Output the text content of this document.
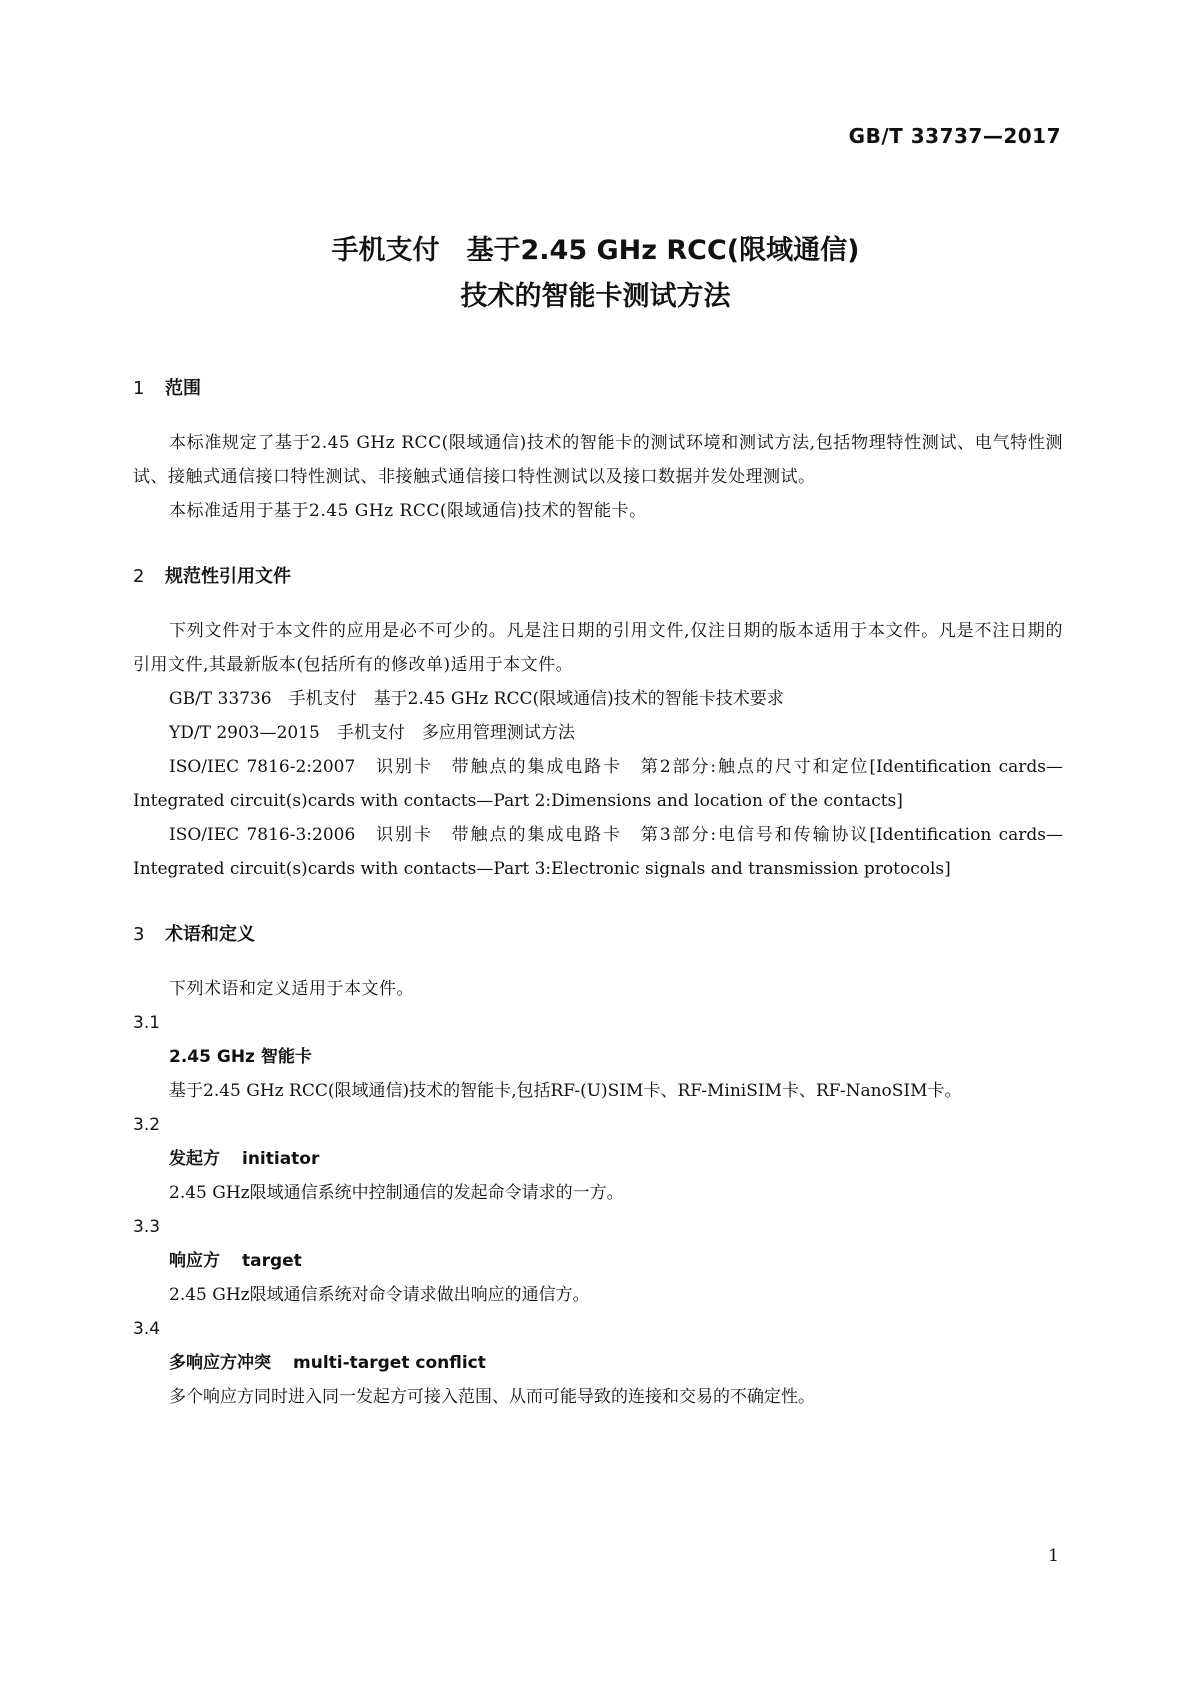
GB/T 33737—2017
手机支付　基于2.45 GHz RCC(限域通信)
技术的智能卡测试方法
1 范围

本标准规定了基于2.45 GHz RCC(限域通信)技术的智能卡的测试环境和测试方法,包括物理特性测试、电气特性测试、接触式通信接口特性测试、非接触式通信接口特性测试以及接口数据并发处理测试。

本标准适用于基于2.45 GHz RCC(限域通信)技术的智能卡。

2 规范性引用文件

下列文件对于本文件的应用是必不可少的。凡是注日期的引用文件,仅注日期的版本适用于本文件。凡是不注日期的引用文件,其最新版本(包括所有的修改单)适用于本文件。

GB/T 33736　手机支付　基于2.45 GHz RCC(限域通信)技术的智能卡技术要求

YD/T 2903—2015　手机支付　多应用管理测试方法

ISO/IEC 7816-2:2007　识别卡　带触点的集成电路卡　第2部分:触点的尺寸和定位[Identification cards—Integrated circuit(s)cards with contacts—Part 2:Dimensions and location of the contacts]

ISO/IEC 7816-3:2006　识别卡　带触点的集成电路卡　第3部分:电信号和传输协议[Identification cards—Integrated circuit(s)cards with contacts—Part 3:Electronic signals and transmission protocols]

3 术语和定义

下列术语和定义适用于本文件。

3.1
2.45 GHz 智能卡
基于2.45 GHz RCC(限域通信)技术的智能卡,包括RF-(U)SIM卡、RF-MiniSIM卡、RF-NanoSIM卡。
3.2
发起方 initiator
2.45 GHz限域通信系统中控制通信的发起命令请求的一方。
3.3
响应方 target
2.45 GHz限域通信系统对命令请求做出响应的通信方。
3.4
多响应方冲突 multi-target conflict
多个响应方同时进入同一发起方可接入范围、从而可能导致的连接和交易的不确定性。
1
